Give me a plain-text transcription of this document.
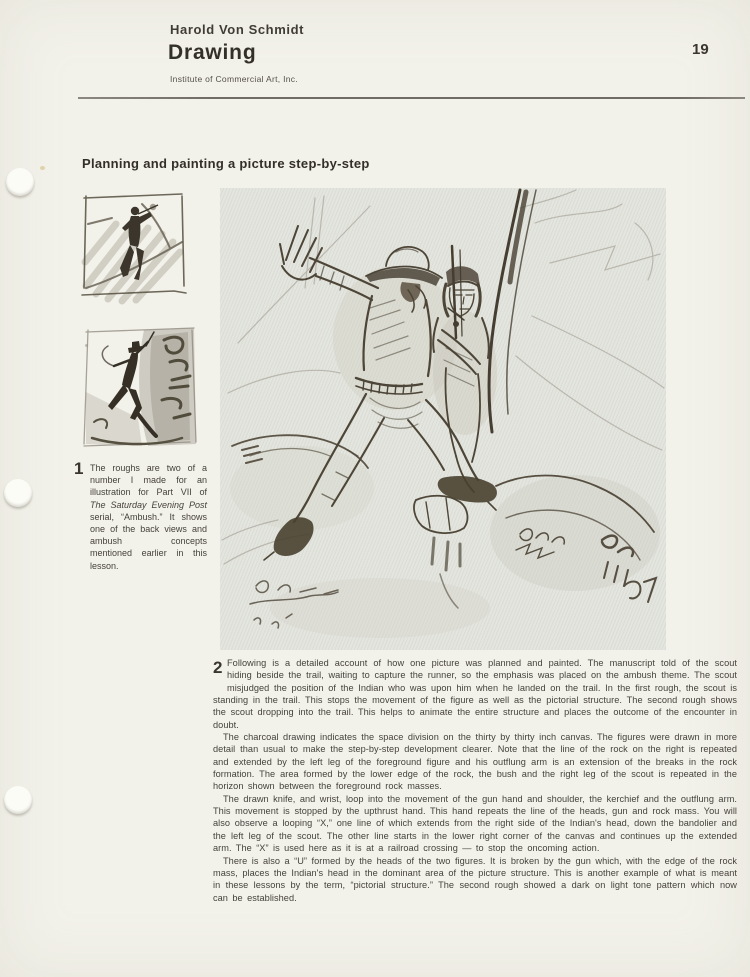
Harold Von Schmidt
Drawing
Institute of Commercial Art, Inc.
19
Planning and painting a picture step-by-step
1 The roughs are two of a number I made for an illustration for Part VII of The Saturday Evening Post serial, “Ambush.” It shows one of the back views and ambush concepts mentioned earlier in this lesson.

2 Following is a detailed account of how one picture was planned and painted. The manuscript told of the scout hiding beside the trail, waiting to capture the runner, so the emphasis was placed on the ambush theme. The scout misjudged the position of the Indian who was upon him when he landed on the trail. In the first rough, the scout is standing in the trail. This stops the movement of the figure as well as the pictorial structure. The second rough shows the scout dropping into the trail. This helps to animate the entire structure and places the outcome of the encounter in doubt.

The charcoal drawing indicates the space division on the thirty by thirty inch canvas. The figures were drawn in more detail than usual to make the step-by-step development clearer. Note that the line of the rock on the right is repeated and extended by the left leg of the foreground figure and his outflung arm is an extension of the breaks in the rock formation. The area formed by the lower edge of the rock, the bush and the right leg of the scout is repeated in the horizon shown between the foreground rock masses.

The drawn knife, and wrist, loop into the movement of the gun hand and shoulder, the kerchief and the outflung arm. This movement is stopped by the upthrust hand. This hand repeats the line of the heads, gun and rock mass. You will also observe a looping “X,” one line of which extends from the right side of the Indian's head, down the bandolier and the left leg of the scout. The other line starts in the lower right corner of the canvas and continues up the extended arm. The “X” is used here as it is at a railroad crossing — to stop the oncoming action.

There is also a “U” formed by the heads of the two figures. It is broken by the gun which, with the edge of the rock mass, places the Indian's head in the dominant area of the picture structure. This is another example of what is meant in these lessons by the term, “pictorial structure.” The second rough showed a dark on light tone pattern which now can be established.
